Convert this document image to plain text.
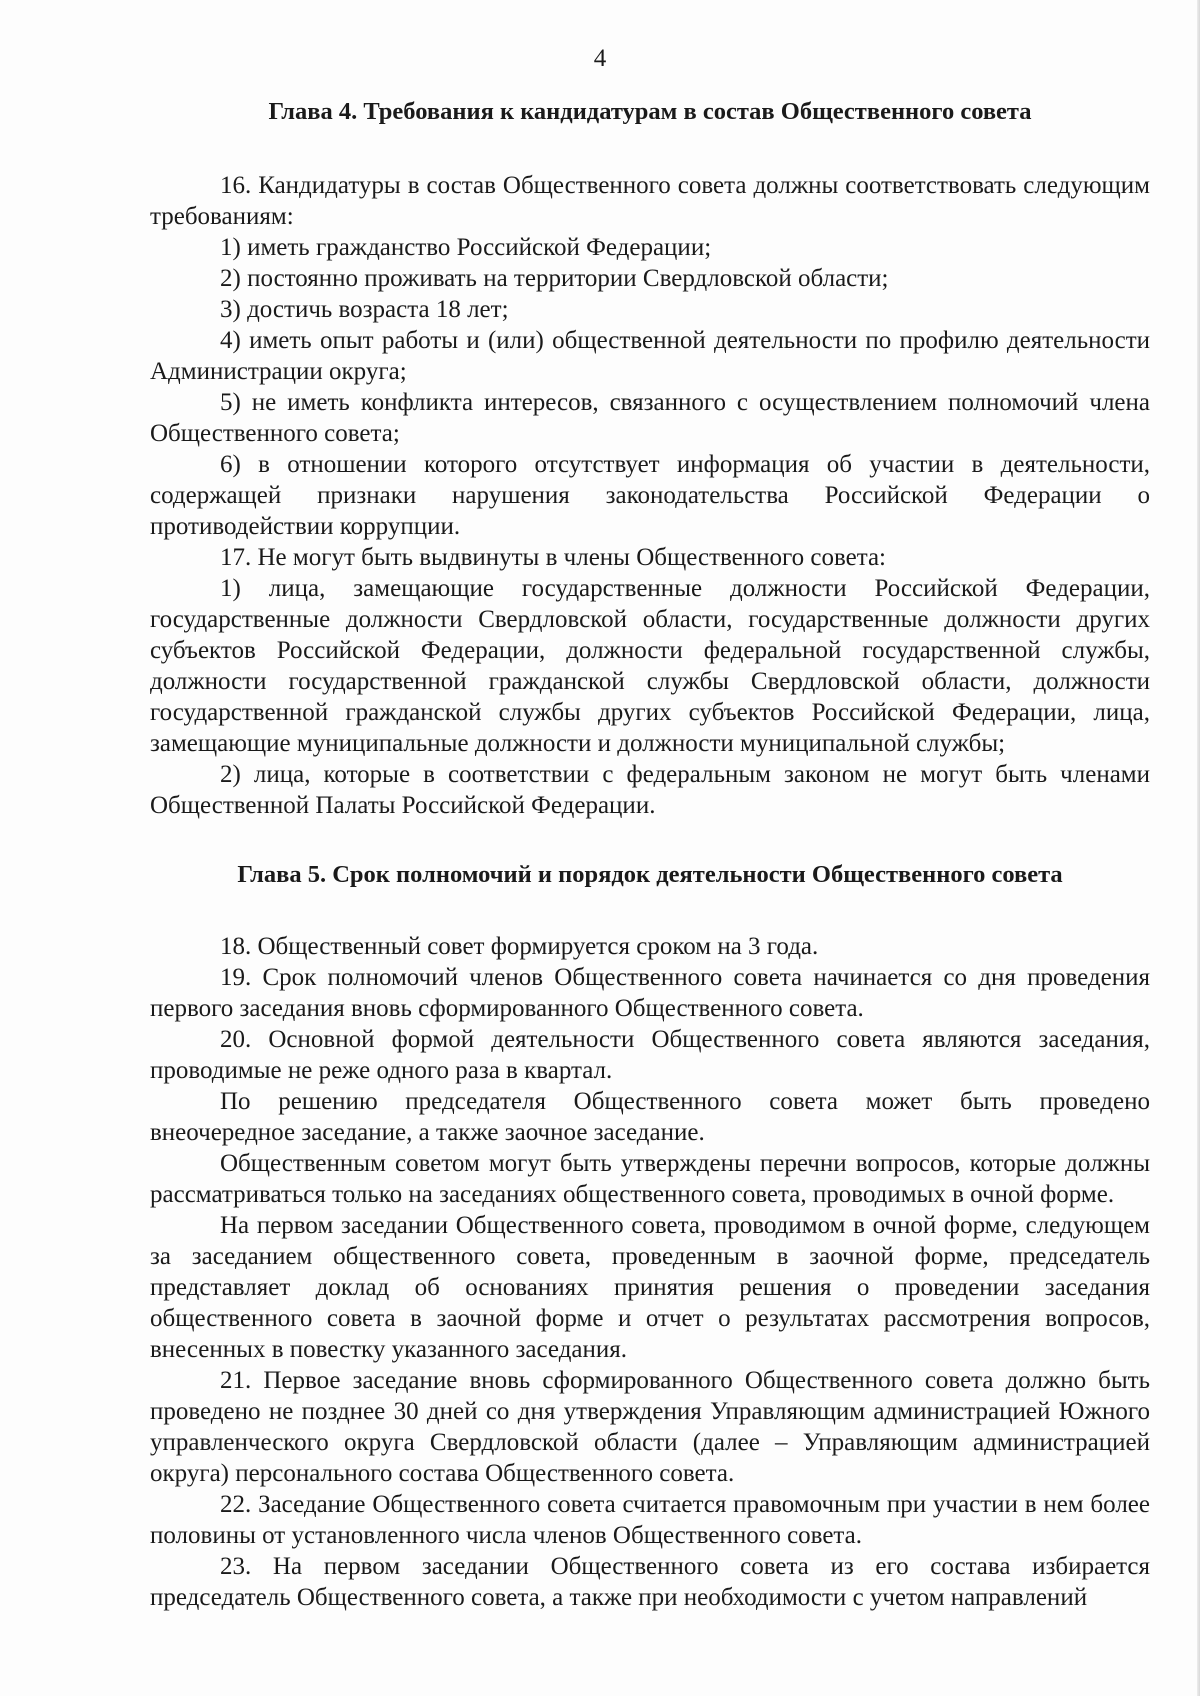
4
Глава 4. Требования к кандидатурам в состав Общественного совета

16. Кандидатуры в состав Общественного совета должны соответствовать следующим требованиям:

1) иметь гражданство Российской Федерации;

2) постоянно проживать на территории Свердловской области;

3) достичь возраста 18 лет;

4) иметь опыт работы и (или) общественной деятельности по профилю деятельности Администрации округа;

5) не иметь конфликта интересов, связанного с осуществлением полномочий члена Общественного совета;

6) в отношении которого отсутствует информация об участии в деятельности, содержащей признаки нарушения законодательства Российской Федерации о противодействии коррупции.

17. Не могут быть выдвинуты в члены Общественного совета:

1) лица, замещающие государственные должности Российской Федерации, государственные должности Свердловской области, государственные должности других субъектов Российской Федерации, должности федеральной государственной службы, должности государственной гражданской службы Свердловской области, должности государственной гражданской службы других субъектов Российской Федерации, лица, замещающие муниципальные должности и должности муниципальной службы;

2) лица, которые в соответствии с федеральным законом не могут быть членами Общественной Палаты Российской Федерации.

Глава 5. Срок полномочий и порядок деятельности Общественного совета

18. Общественный совет формируется сроком на 3 года.

19. Срок полномочий членов Общественного совета начинается со дня проведения первого заседания вновь сформированного Общественного совета.

20. Основной формой деятельности Общественного совета являются заседания, проводимые не реже одного раза в квартал.

По решению председателя Общественного совета может быть проведено внеочередное заседание, а также заочное заседание.

Общественным советом могут быть утверждены перечни вопросов, которые должны рассматриваться только на заседаниях общественного совета, проводимых в очной форме.

На первом заседании Общественного совета, проводимом в очной форме, следующем за заседанием общественного совета, проведенным в заочной форме, председатель представляет доклад об основаниях принятия решения о проведении заседания общественного совета в заочной форме и отчет о результатах рассмотрения вопросов, внесенных в повестку указанного заседания.

21. Первое заседание вновь сформированного Общественного совета должно быть проведено не позднее 30 дней со дня утверждения Управляющим администрацией Южного управленческого округа Свердловской области (далее – Управляющим администрацией округа) персонального состава Общественного совета.

22. Заседание Общественного совета считается правомочным при участии в нем более половины от установленного числа членов Общественного совета.

23. На первом заседании Общественного совета из его состава избирается председатель Общественного совета, а также при необходимости с учетом направлений
